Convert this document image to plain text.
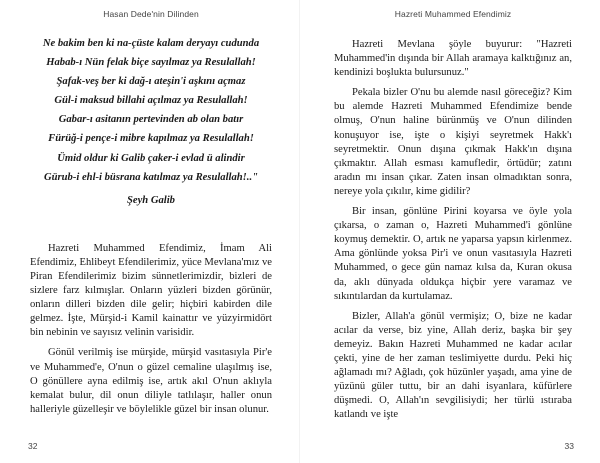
Hasan Dede'nin Dilinden
Ne bakim ben ki na-çüste kalam deryayı cudunda
Habab-ı Nün felak biçe sayılmaz ya Resulallah!
Şafak-veş ber ki dağ-ı ateşin'i aşkını açmaz
Gül-i maksud billahi açılmaz ya Resulallah!
Gabar-ı asitanın pertevinden ab olan batır
Fürüğ-i pençe-i mibre kapılmaz ya Resulallah!
Ümid oldur ki Galib çaker-i evlad ü alindir
Gürub-i ehl-i büsrana katılmaz ya Resulallah!.."
Şeyh Galib

Hazreti Muhammed Efendimiz, İmam Ali Efendimiz, Ehlibeyt Efendilerimiz, yüce Mevlana'mız ve Piran Efendilerimiz bizim sünnetlerimizdir, bizleri de sizlere farz kılmışlar. Onların yüzleri bizden görünür, onların dilleri bizden dile gelir; hiçbiri kabirden dile gelmez. İşte, Mürşid-i Kamil kainattır ve yüzyirmidört bin nebinin ve sayısız velinin varisidir.

Gönül verilmiş ise mürşide, mürşid vasıtasıyla Pir'e ve Muhammed'e, O'nun o güzel cemaline ulaşılmış ise, O gönüllere ayna edilmiş ise, artık akıl O'nun aklıyla kemalat bulur, dil onun diliyle tatlılaşır, haller onun halleriyle güzelleşir ve böylelikle güzel bir insan olunur.

32
Hazreti Muhammed Efendimiz

Hazreti Mevlana şöyle buyurur: "Hazreti Muhammed'in dışında bir Allah aramaya kalktığınız an, kendinizi boşlukta bulursunuz."

Pekala bizler O'nu bu alemde nasıl göreceğiz? Kim bu alemde Hazreti Muhammed Efendimize bende olmuş, O'nun haline bürünmüş ve O'nun dilinden konuşuyor ise, işte o kişiyi seyretmek Hakk'ı seyretmektir. Onun dışına çıkmak Hakk'ın dışına çıkmaktır. Allah esması kamufledir, örtüdür; zatını aradın mı insan çıkar. Zaten insan olmadıktan sonra, nereye yola çıkılır, kime gidilir?

Bir insan, gönlüne Pirini koyarsa ve öyle yola çıkarsa, o zaman o, Hazreti Muhammed'i gönlüne koymuş demektir. O, artık ne yaparsa yapsın kirlenmez. Ama gönlünde yoksa Pir'i ve onun vasıtasıyla Hazreti Muhammed, o gece gün namaz kılsa da, Kuran okusa da, aklı dünyada oldukça hiçbir yere varamaz ve sıkıntılardan da kurtulamaz.

Bizler, Allah'a gönül vermişiz; O, bize ne kadar acılar da verse, biz yine, Allah deriz, başka bir şey demeyiz. Bakın Hazreti Muhammed ne kadar acılar çekti, yine de her zaman teslimiyette durdu. Peki hiç ağlamadı mı? Ağladı, çok hüzünler yaşadı, ama yine de yüzünü güler tuttu, bir an dahi isyanlara, küfürlere düşmedi. O, Allah'ın sevgilisiydi; her türlü ıstıraba katlandı ve işte

33
